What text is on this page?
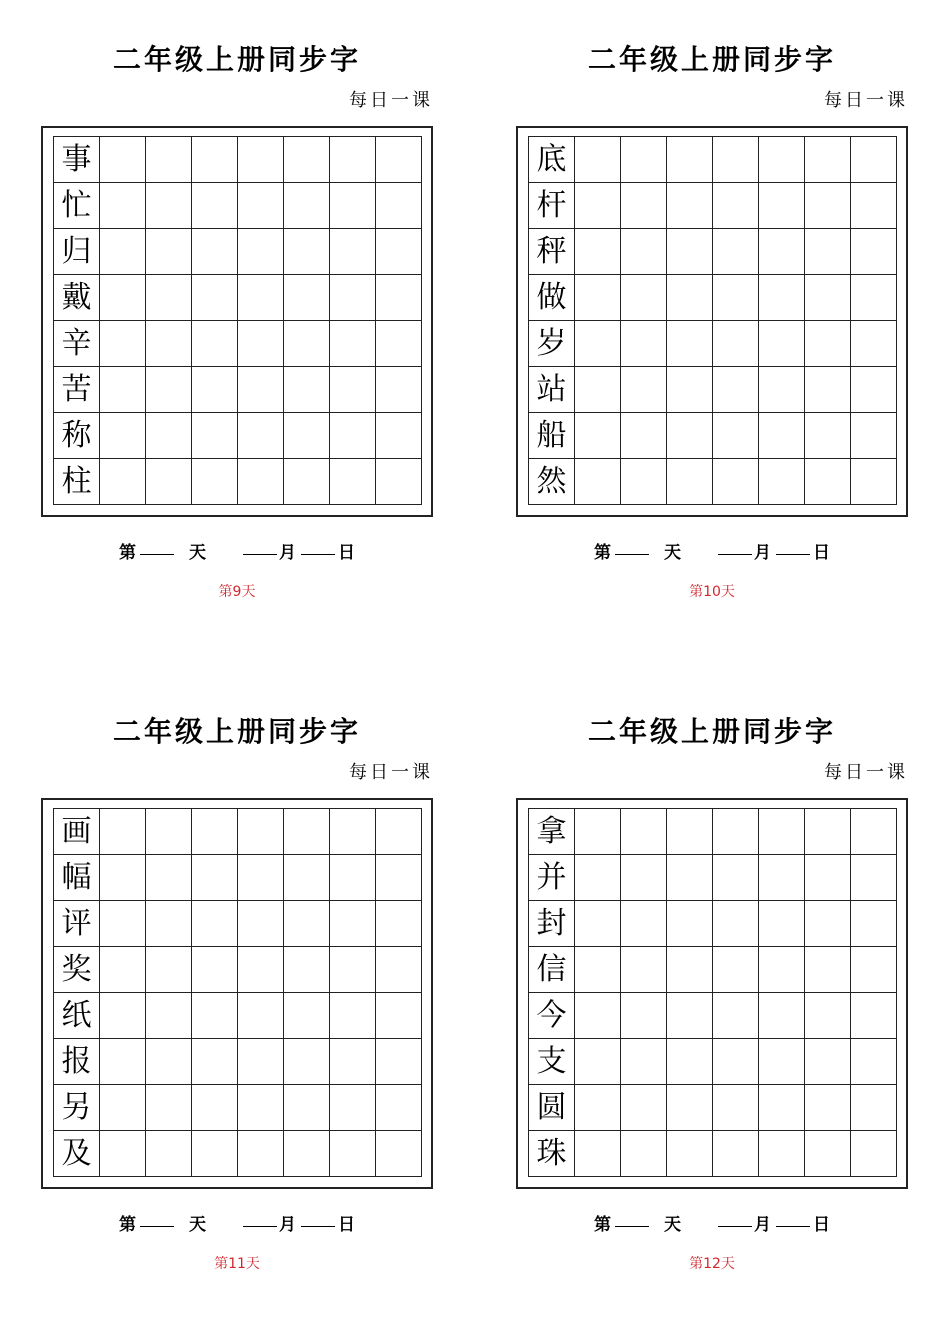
二年级上册同步字
每日一课
事
忙
归
戴
辛
苦
称
柱
第	天	月 日
第9天
二年级上册同步字
每日一课
底
杆
秤
做
岁
站
船
然
第	天	月 日
第10天
二年级上册同步字
每日一课
画
幅
评
奖
纸
报
另
及
第	天	月 日
第11天
二年级上册同步字
每日一课
拿
并
封
信
今
支
圆
珠
第	天	月 日
第12天
